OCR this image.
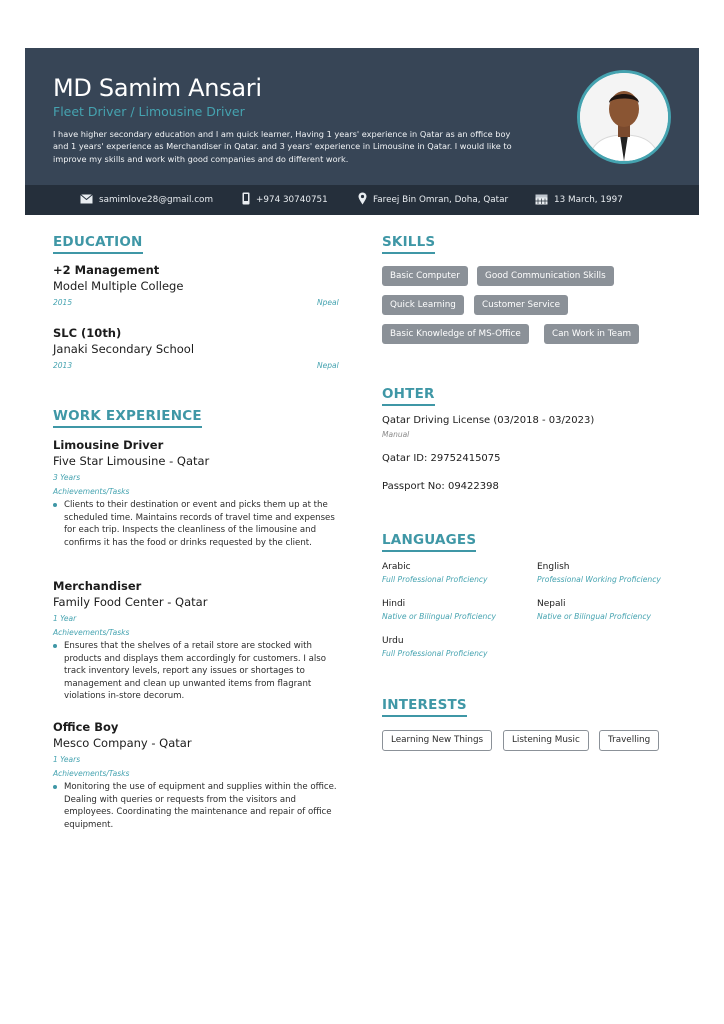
MD Samim Ansari
Fleet Driver / Limousine Driver
I have higher secondary education and I am quick learner, Having 1 years' experience in Qatar as an office boy and 1 years' experience as Merchandiser in Qatar. and 3 years' experience in Limousine in Qatar. I would like to improve my skills and work with good companies and do different work.
samimlove28@gmail.com	+974 30740751	Fareej Bin Omran, Doha, Qatar	13 March, 1997
EDUCATION
+2 Management
Model Multiple College
2015	Npeal
SLC (10th)
Janaki Secondary School
2013	Nepal
WORK EXPERIENCE
Limousine Driver
Five Star Limousine - Qatar
3 Years
Achievements/Tasks
Clients to their destination or event and picks them up at the scheduled time. Maintains records of travel time and expenses for each trip. Inspects the cleanliness of the limousine and confirms it has the food or drinks requested by the client.
Merchandiser
Family Food Center - Qatar
1 Year
Achievements/Tasks
Ensures that the shelves of a retail store are stocked with products and displays them accordingly for customers. I also track inventory levels, report any issues or shortages to management and clean up unwanted items from flagrant violations in-store decorum.
Office Boy
Mesco Company - Qatar
1 Years
Achievements/Tasks
Monitoring the use of equipment and supplies within the office. Dealing with queries or requests from the visitors and employees. Coordinating the maintenance and repair of office equipment.
SKILLS
Basic Computer	Good Communication Skills
Quick Learning	Customer Service
Basic Knowledge of MS-Office	Can Work in Team
OHTER
Qatar Driving License (03/2018 - 03/2023)
Manual
Qatar ID: 29752415075
Passport No: 09422398
LANGUAGES
Arabic
Full Professional Proficiency
English
Professional Working Proficiency
Hindi
Native or Bilingual Proficiency
Nepali
Native or Bilingual Proficiency
Urdu
Full Professional Proficiency
INTERESTS
Learning New Things	Listening Music	Travelling
